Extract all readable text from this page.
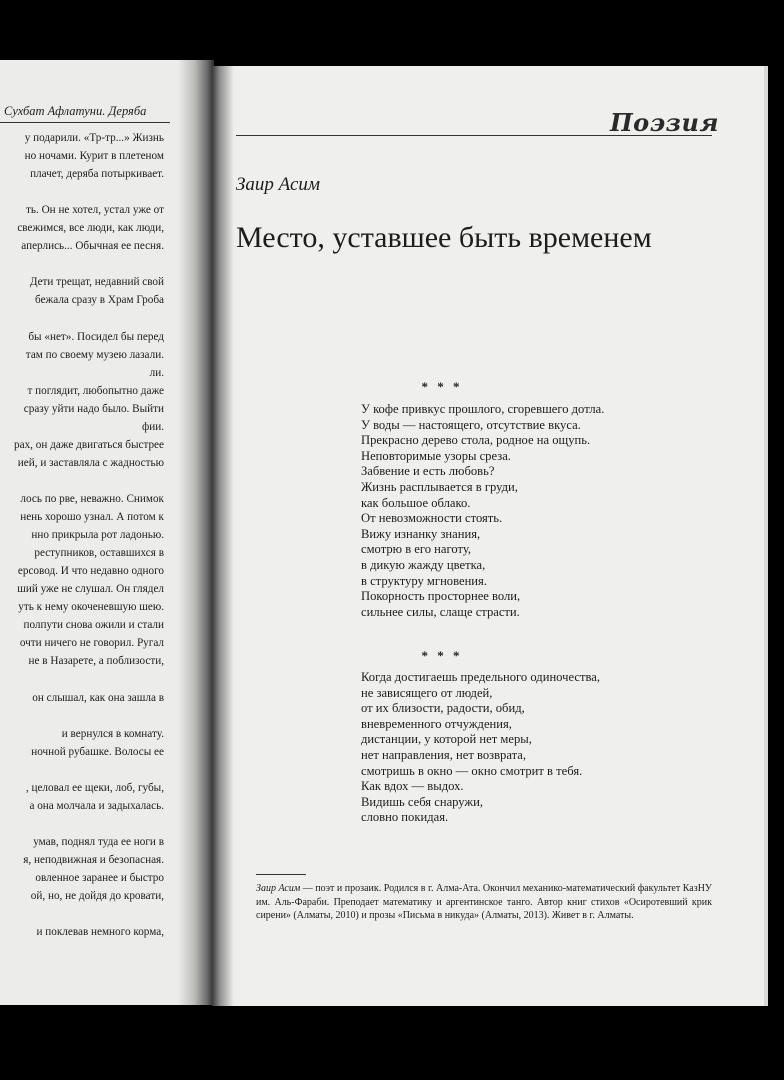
Сухбат Афлатуни. Деряба
у подарили. «Тр-тр...» Жизнь
но ночами. Курит в плетеном
плачет, деряба потыркивает.
ть. Он не хотел, устал уже от
свежимся, все люди, как люди,
аперлись... Обычная ее песня.
Дети трещат, недавний свой
бежала сразу в Храм Гроба
бы «нет». Посидел бы перед
там по своему музею лазали.
ли.
т поглядит, любопытно даже
сразу уйти надо было. Выйти
фии.
рах, он даже двигаться быстрее
ией, и заставляла с жадностью
лось по рве, неважно. Снимок
нень хорошо узнал. А потом к
нно прикрыла рот ладонью.
реступников, оставшихся в
ерсовод. И что недавно одного
ший уже не слушал. Он глядел
уть к нему окоченевшую шею.
полпути снова ожили и стали
очти ничего не говорил. Ругал
не в Назарете, а поблизости,
он слышал, как она зашла в
и вернулся в комнату.
ночной рубашке. Волосы ее
, целовал ее щеки, лоб, губы,
а она молчала и задыхалась.
умав, поднял туда ее ноги в
я, неподвижная и безопасная.
овленное заранее и быстро
ой, но, не дойдя до кровати,
и поклевав немного корма,
Поэзия
Заир Асим
Место, уставшее быть временем
* * *
У кофе привкус прошлого, сгоревшего дотла.
У воды — настоящего, отсутствие вкуса.
Прекрасно дерево стола, родное на ощупь.
Неповторимые узоры среза.
Забвение и есть любовь?
Жизнь расплывается в груди,
как большое облако.
От невозможности стоять.
Вижу изнанку знания,
смотрю в его наготу,
в дикую жажду цветка,
в структуру мгновения.
Покорность просторнее воли,
сильнее силы, слаще страсти.
* * *
Когда достигаешь предельного одиночества,
не зависящего от людей,
от их близости, радости, обид,
вневременного отчуждения,
дистанции, у которой нет меры,
нет направления, нет возврата,
смотришь в окно — окно смотрит в тебя.
Как вдох — выдох.
Видишь себя снаружи,
словно покидая.
Заир Асим — поэт и прозаик. Родился в г. Алма-Ата. Окончил механико-математический факультет КазНУ им. Аль-Фараби. Преподает математику и аргентинское танго. Автор книг стихов «Осиротевший крик сирени» (Алматы, 2010) и прозы «Письма в никуда» (Алматы, 2013). Живет в г. Алматы.
